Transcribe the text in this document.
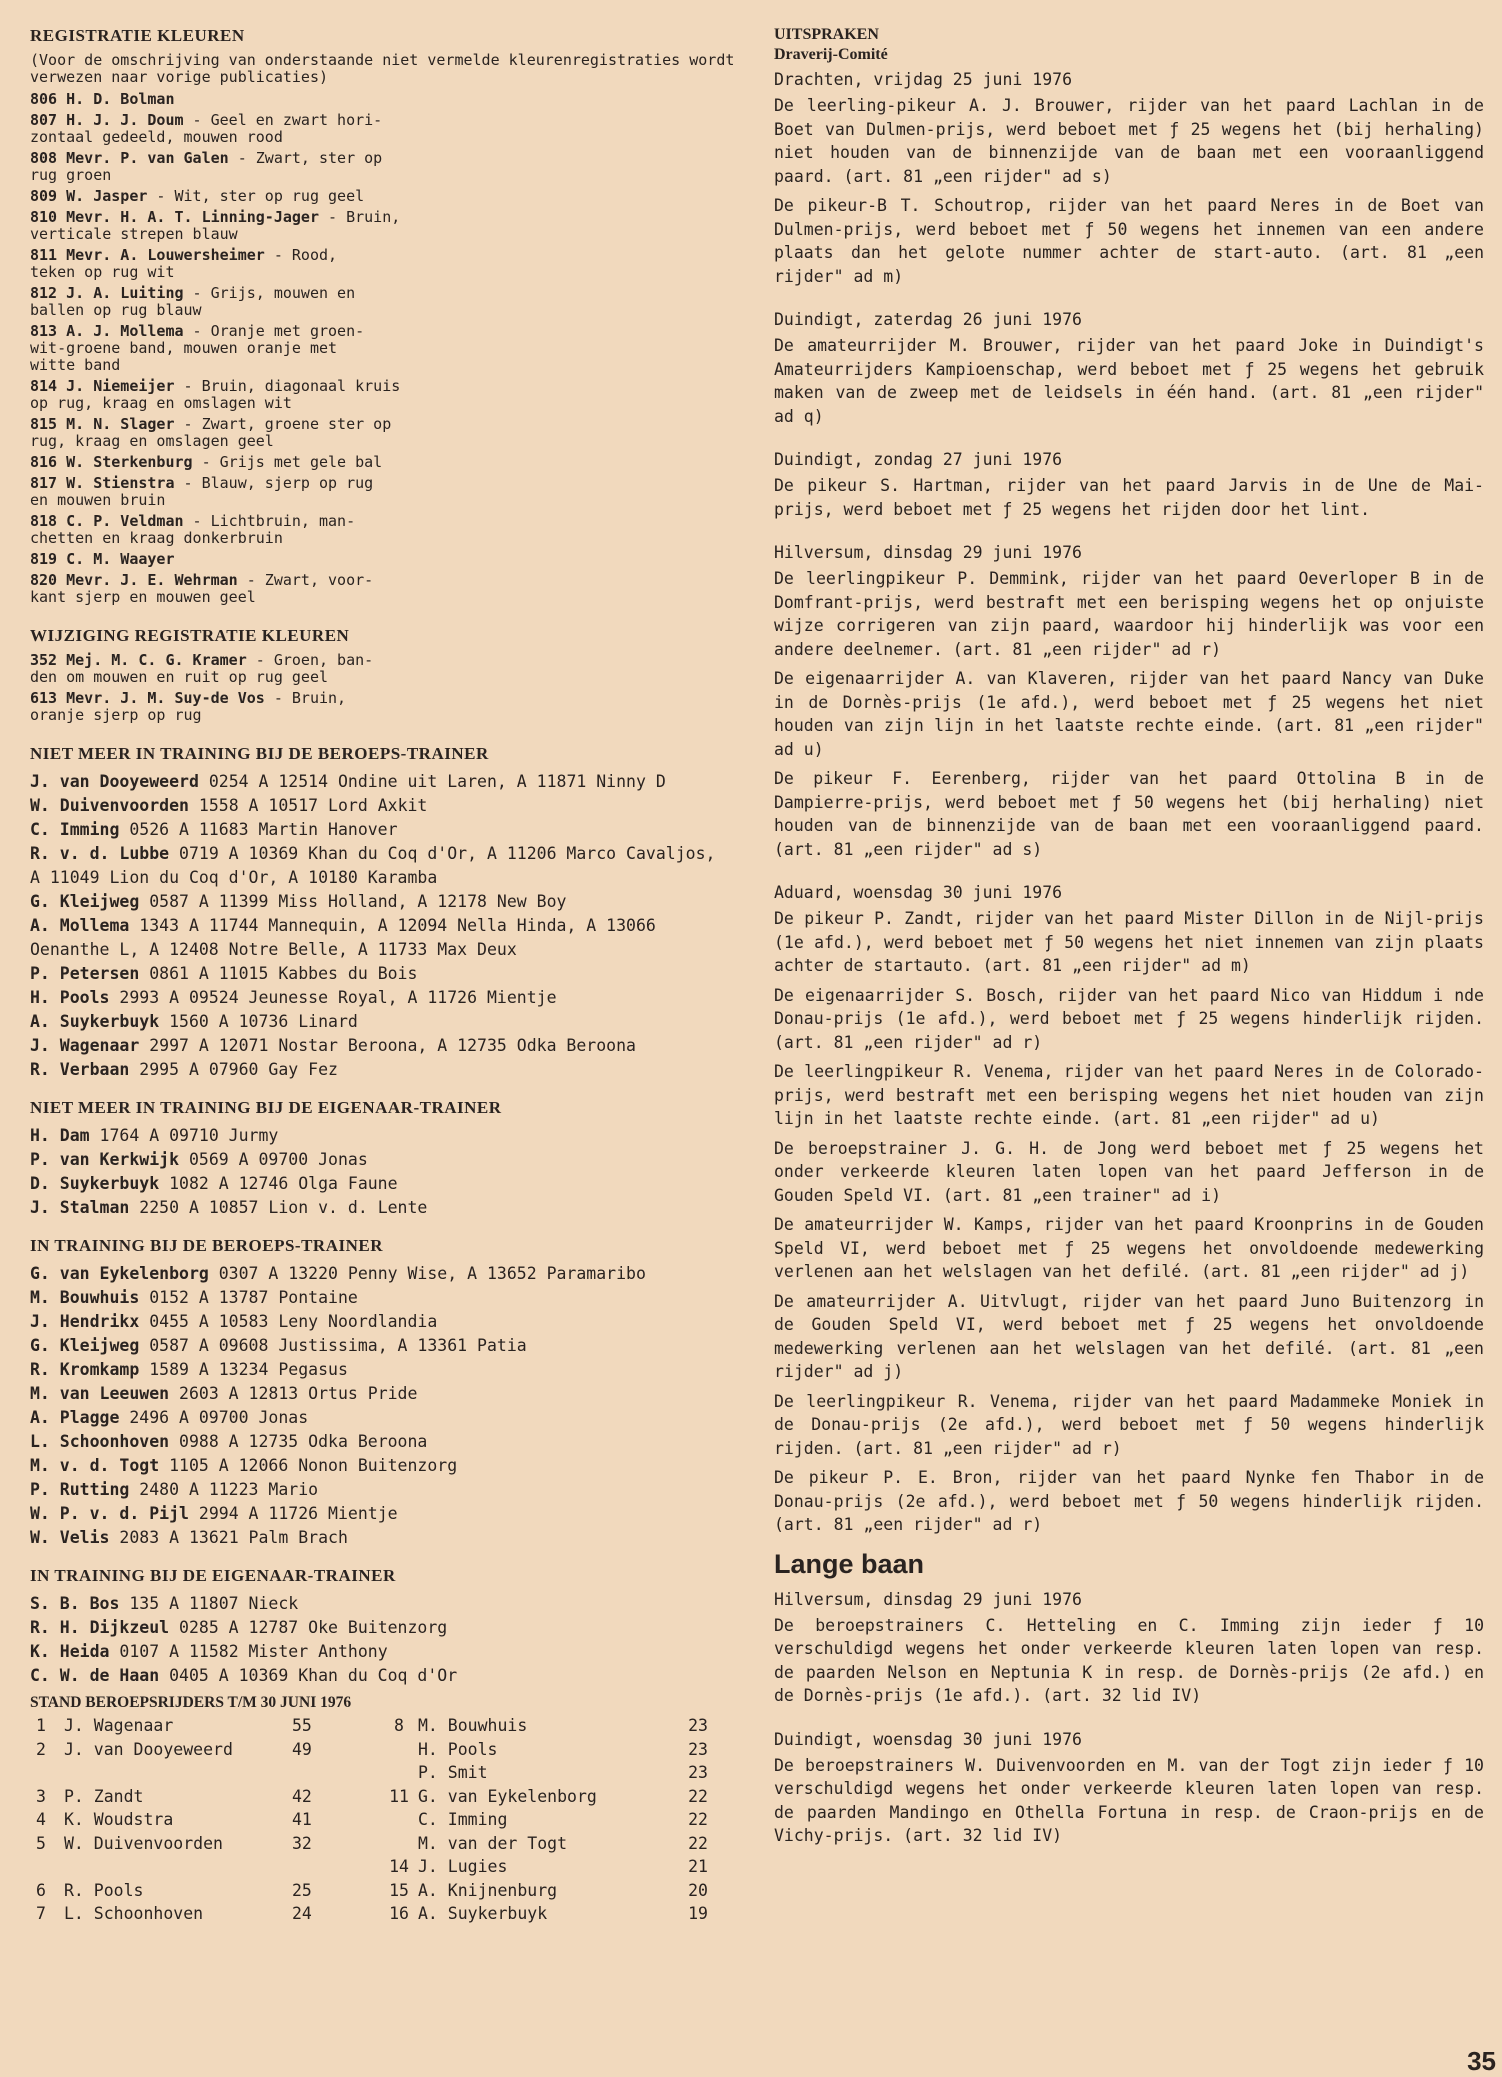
REGISTRATIE KLEUREN
(Voor de omschrijving van onderstaande niet vermelde kleurenregistraties wordt verwezen naar vorige publicaties)
806 H. D. Bolman
807 H. J. J. Doum - Geel en zwart hori-
zontaal gedeeld, mouwen rood
808 Mevr. P. van Galen - Zwart, ster op
rug groen
809 W. Jasper - Wit, ster op rug geel
810 Mevr. H. A. T. Linning-Jager - Bruin,
verticale strepen blauw
811 Mevr. A. Louwersheimer - Rood,
teken op rug wit
812 J. A. Luiting - Grijs, mouwen en
ballen op rug blauw
813 A. J. Mollema - Oranje met groen-
wit-groene band, mouwen oranje met
witte band
814 J. Niemeijer - Bruin, diagonaal kruis
op rug, kraag en omslagen wit
815 M. N. Slager - Zwart, groene ster op
rug, kraag en omslagen geel
816 W. Sterkenburg - Grijs met gele bal
817 W. Stienstra - Blauw, sjerp op rug
en mouwen bruin
818 C. P. Veldman - Lichtbruin, man-
chetten en kraag donkerbruin
819 C. M. Waayer
820 Mevr. J. E. Wehrman - Zwart, voor-
kant sjerp en mouwen geel
WIJZIGING REGISTRATIE KLEUREN
352 Mej. M. C. G. Kramer - Groen, ban-
den om mouwen en ruit op rug geel
613 Mevr. J. M. Suy-de Vos - Bruin,
oranje sjerp op rug
NIET MEER IN TRAINING BIJ DE BEROEPS-TRAINER
J. van Dooyeweerd 0254 A 12514 Ondine uit Laren, A 11871 Ninny D
W. Duivenvoorden 1558 A 10517 Lord Axkit
C. Imming 0526 A 11683 Martin Hanover
R. v. d. Lubbe 0719 A 10369 Khan du Coq d'Or, A 11206 Marco Cavaljos, A 11049 Lion du Coq d'Or, A 10180 Karamba
G. Kleijweg 0587 A 11399 Miss Holland, A 12178 New Boy
A. Mollema 1343 A 11744 Mannequin, A 12094 Nella Hinda, A 13066 Oenanthe L, A 12408 Notre Belle, A 11733 Max Deux
P. Petersen 0861 A 11015 Kabbes du Bois
H. Pools 2993 A 09524 Jeunesse Royal, A 11726 Mientje
A. Suykerbuyk 1560 A 10736 Linard
J. Wagenaar 2997 A 12071 Nostar Beroona, A 12735 Odka Beroona
R. Verbaan 2995 A 07960 Gay Fez
NIET MEER IN TRAINING BIJ DE EIGENAAR-TRAINER
H. Dam 1764 A 09710 Jurmy
P. van Kerkwijk 0569 A 09700 Jonas
D. Suykerbuyk 1082 A 12746 Olga Faune
J. Stalman 2250 A 10857 Lion v. d. Lente
IN TRAINING BIJ DE BEROEPS-TRAINER
G. van Eykelenborg 0307 A 13220 Penny Wise, A 13652 Paramaribo
M. Bouwhuis 0152 A 13787 Pontaine
J. Hendrikx 0455 A 10583 Leny Noordlandia
G. Kleijweg 0587 A 09608 Justissima, A 13361 Patia
R. Kromkamp 1589 A 13234 Pegasus
M. van Leeuwen 2603 A 12813 Ortus Pride
A. Plagge 2496 A 09700 Jonas
L. Schoonhoven 0988 A 12735 Odka Beroona
M. v. d. Togt 1105 A 12066 Nonon Buitenzorg
P. Rutting 2480 A 11223 Mario
W. P. v. d. Pijl 2994 A 11726 Mientje
W. Velis 2083 A 13621 Palm Brach
IN TRAINING BIJ DE EIGENAAR-TRAINER
S. B. Bos 135 A 11807 Nieck
R. H. Dijkzeul 0285 A 12787 Oke Buitenzorg
K. Heida 0107 A 11582 Mister Anthony
C. W. de Haan 0405 A 10369 Khan du Coq d'Or
STAND BEROEPSRIJDERS T/M 30 JUNI 1976
1	J. Wagenaar	55		8	M. Bouwhuis	23
2	J. van Dooyeweerd	49			H. Pools	23
					P. Smit	23
3	P. Zandt	42		11	G. van Eykelenborg	22
4	K. Woudstra	41			C. Imming	22
5	W. Duivenvoorden	32			M. van der Togt	22
				14	J. Lugies	21
6	R. Pools	25		15	A. Knijnenburg	20
7	L. Schoonhoven	24		16	A. Suykerbuyk	19
UITSPRAKEN
Draverij-Comité
Drachten, vrijdag 25 juni 1976
De leerling-pikeur A. J. Brouwer, rijder van het paard Lachlan in de Boet van Dulmen-prijs, werd beboet met ƒ 25 wegens het (bij herhaling) niet houden van de binnenzijde van de baan met een vooraanliggend paard. (art. 81 „een rijder" ad s)
De pikeur-B T. Schoutrop, rijder van het paard Neres in de Boet van Dulmen-prijs, werd beboet met ƒ 50 wegens het innemen van een andere plaats dan het gelote nummer achter de start-auto. (art. 81 „een rijder" ad m)
Duindigt, zaterdag 26 juni 1976
De amateurrijder M. Brouwer, rijder van het paard Joke in Duindigt's Amateurrijders Kampioenschap, werd beboet met ƒ 25 wegens het gebruik maken van de zweep met de leidsels in één hand. (art. 81 „een rijder" ad q)
Duindigt, zondag 27 juni 1976
De pikeur S. Hartman, rijder van het paard Jarvis in de Une de Mai-prijs, werd beboet met ƒ 25 wegens het rijden door het lint.
Hilversum, dinsdag 29 juni 1976
De leerlingpikeur P. Demmink, rijder van het paard Oeverloper B in de Domfrant-prijs, werd bestraft met een berisping wegens het op onjuiste wijze corrigeren van zijn paard, waardoor hij hinderlijk was voor een andere deelnemer. (art. 81 „een rijder" ad r)
De eigenaarrijder A. van Klaveren, rijder van het paard Nancy van Duke in de Dornès-prijs (1e afd.), werd beboet met ƒ 25 wegens het niet houden van zijn lijn in het laatste rechte einde. (art. 81 „een rijder" ad u)
De pikeur F. Eerenberg, rijder van het paard Ottolina B in de Dampierre-prijs, werd beboet met ƒ 50 wegens het (bij herhaling) niet houden van de binnenzijde van de baan met een vooraanliggend paard. (art. 81 „een rijder" ad s)
Aduard, woensdag 30 juni 1976
De pikeur P. Zandt, rijder van het paard Mister Dillon in de Nijl-prijs (1e afd.), werd beboet met ƒ 50 wegens het niet innemen van zijn plaats achter de startauto. (art. 81 „een rijder" ad m)
De eigenaarrijder S. Bosch, rijder van het paard Nico van Hiddum i nde Donau-prijs (1e afd.), werd beboet met ƒ 25 wegens hinderlijk rijden. (art. 81 „een rijder" ad r)
De leerlingpikeur R. Venema, rijder van het paard Neres in de Colorado-prijs, werd bestraft met een berisping wegens het niet houden van zijn lijn in het laatste rechte einde. (art. 81 „een rijder" ad u)
De beroepstrainer J. G. H. de Jong werd beboet met ƒ 25 wegens het onder verkeerde kleuren laten lopen van het paard Jefferson in de Gouden Speld VI. (art. 81 „een trainer" ad i)
De amateurrijder W. Kamps, rijder van het paard Kroonprins in de Gouden Speld VI, werd beboet met ƒ 25 wegens het onvoldoende medewerking verlenen aan het welslagen van het defilé. (art. 81 „een rijder" ad j)
De amateurrijder A. Uitvlugt, rijder van het paard Juno Buitenzorg in de Gouden Speld VI, werd beboet met ƒ 25 wegens het onvoldoende medewerking verlenen aan het welslagen van het defilé. (art. 81 „een rijder" ad j)
De leerlingpikeur R. Venema, rijder van het paard Madammeke Moniek in de Donau-prijs (2e afd.), werd beboet met ƒ 50 wegens hinderlijk rijden. (art. 81 „een rijder" ad r)
De pikeur P. E. Bron, rijder van het paard Nynke fen Thabor in de Donau-prijs (2e afd.), werd beboet met ƒ 50 wegens hinderlijk rijden. (art. 81 „een rijder" ad r)
Lange baan
Hilversum, dinsdag 29 juni 1976
De beroepstrainers C. Hetteling en C. Imming zijn ieder ƒ 10 verschuldigd wegens het onder verkeerde kleuren laten lopen van resp. de paarden Nelson en Neptunia K in resp. de Dornès-prijs (2e afd.) en de Dornès-prijs (1e afd.). (art. 32 lid IV)
Duindigt, woensdag 30 juni 1976
De beroepstrainers W. Duivenvoorden en M. van der Togt zijn ieder ƒ 10 verschuldigd wegens het onder verkeerde kleuren laten lopen van resp. de paarden Mandingo en Othella Fortuna in resp. de Craon-prijs en de Vichy-prijs. (art. 32 lid IV)
35
